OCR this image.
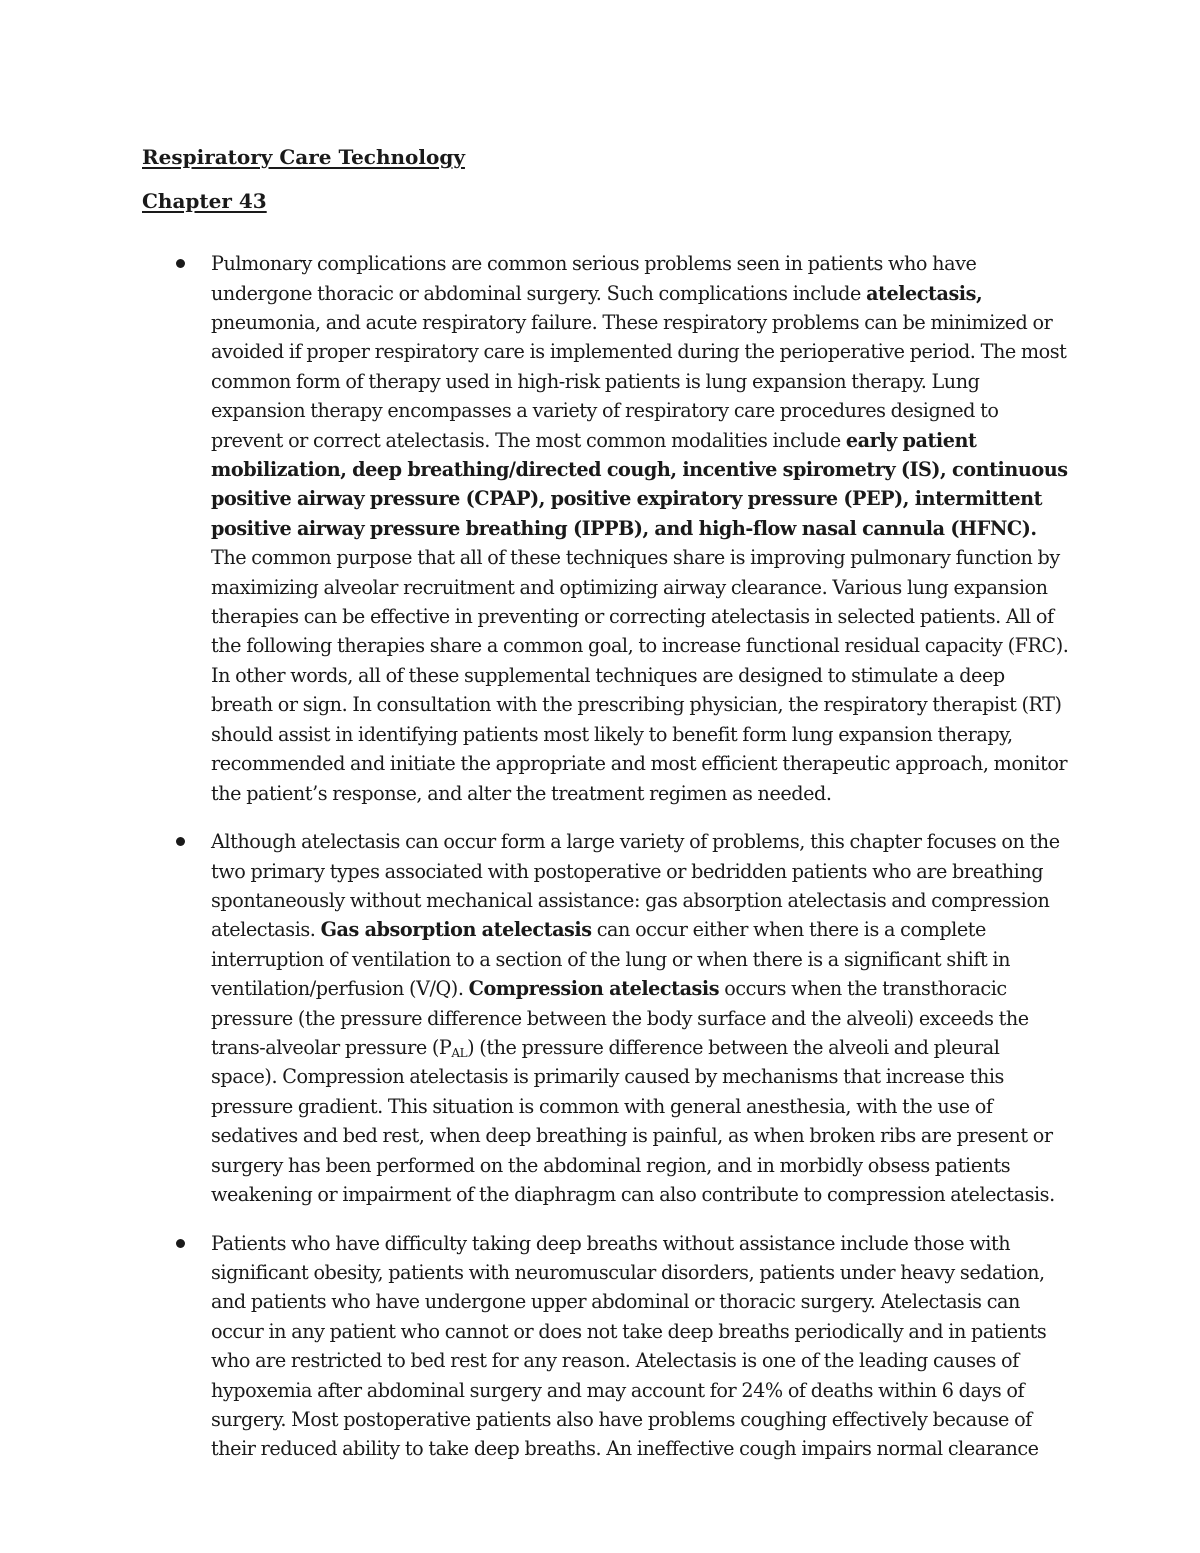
Respiratory Care Technology
Chapter 43

Pulmonary complications are common serious problems seen in patients who have undergone thoracic or abdominal surgery. Such complications include atelectasis, pneumonia, and acute respiratory failure. These respiratory problems can be minimized or avoided if proper respiratory care is implemented during the perioperative period. The most common form of therapy used in high-risk patients is lung expansion therapy. Lung expansion therapy encompasses a variety of respiratory care procedures designed to prevent or correct atelectasis. The most common modalities include early patient mobilization, deep breathing/directed cough, incentive spirometry (IS), continuous positive airway pressure (CPAP), positive expiratory pressure (PEP), intermittent positive airway pressure breathing (IPPB), and high-flow nasal cannula (HFNC). The common purpose that all of these techniques share is improving pulmonary function by maximizing alveolar recruitment and optimizing airway clearance. Various lung expansion therapies can be effective in preventing or correcting atelectasis in selected patients. All of the following therapies share a common goal, to increase functional residual capacity (FRC). In other words, all of these supplemental techniques are designed to stimulate a deep breath or sign. In consultation with the prescribing physician, the respiratory therapist (RT) should assist in identifying patients most likely to benefit form lung expansion therapy, recommended and initiate the appropriate and most efficient therapeutic approach, monitor the patient’s response, and alter the treatment regimen as needed.

Although atelectasis can occur form a large variety of problems, this chapter focuses on the two primary types associated with postoperative or bedridden patients who are breathing spontaneously without mechanical assistance: gas absorption atelectasis and compression atelectasis. Gas absorption atelectasis can occur either when there is a complete interruption of ventilation to a section of the lung or when there is a significant shift in ventilation/perfusion (V/Q). Compression atelectasis occurs when the transthoracic pressure (the pressure difference between the body surface and the alveoli) exceeds the trans-alveolar pressure $(P_{AL})$ (the pressure difference between the alveoli and pleural space). Compression atelectasis is primarily caused by mechanisms that increase this pressure gradient. This situation is common with general anesthesia, with the use of sedatives and bed rest, when deep breathing is painful, as when broken ribs are present or surgery has been performed on the abdominal region, and in morbidly obsess patients weakening or impairment of the diaphragm can also contribute to compression atelectasis.

Patients who have difficulty taking deep breaths without assistance include those with significant obesity, patients with neuromuscular disorders, patients under heavy sedation, and patients who have undergone upper abdominal or thoracic surgery. Atelectasis can occur in any patient who cannot or does not take deep breaths periodically and in patients who are restricted to bed rest for any reason. Atelectasis is one of the leading causes of hypoxemia after abdominal surgery and may account for 24% of deaths within 6 days of surgery. Most postoperative patients also have problems coughing effectively because of their reduced ability to take deep breaths. An ineffective cough impairs normal clearance
